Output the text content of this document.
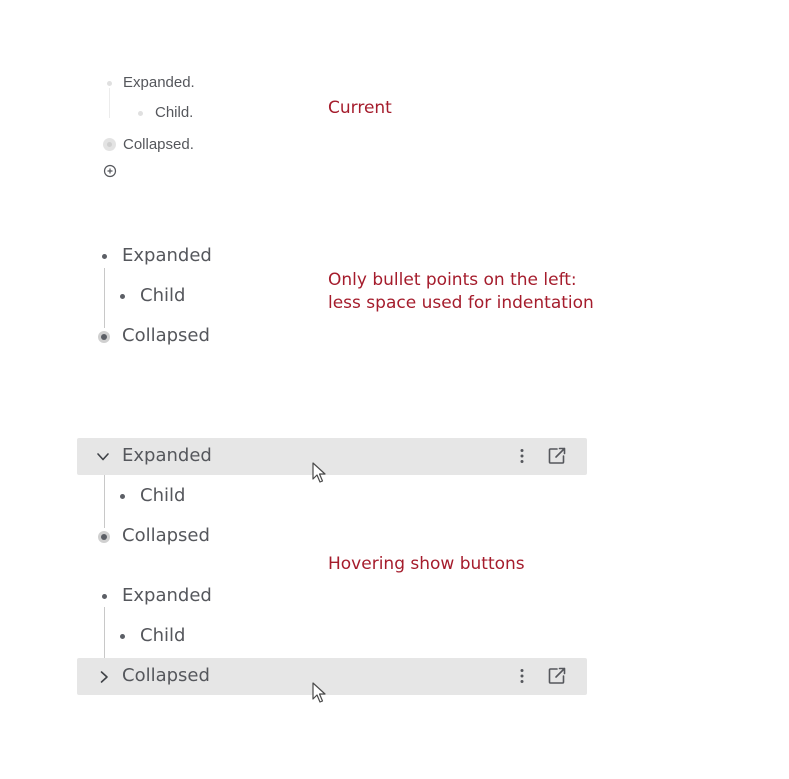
Expanded.
Child.
Collapsed.
Current
Expanded
Child
Collapsed
Only bullet points on the left:
less space used for indentation
Expanded
Child
Collapsed
Hovering show buttons
Expanded
Child
Collapsed
